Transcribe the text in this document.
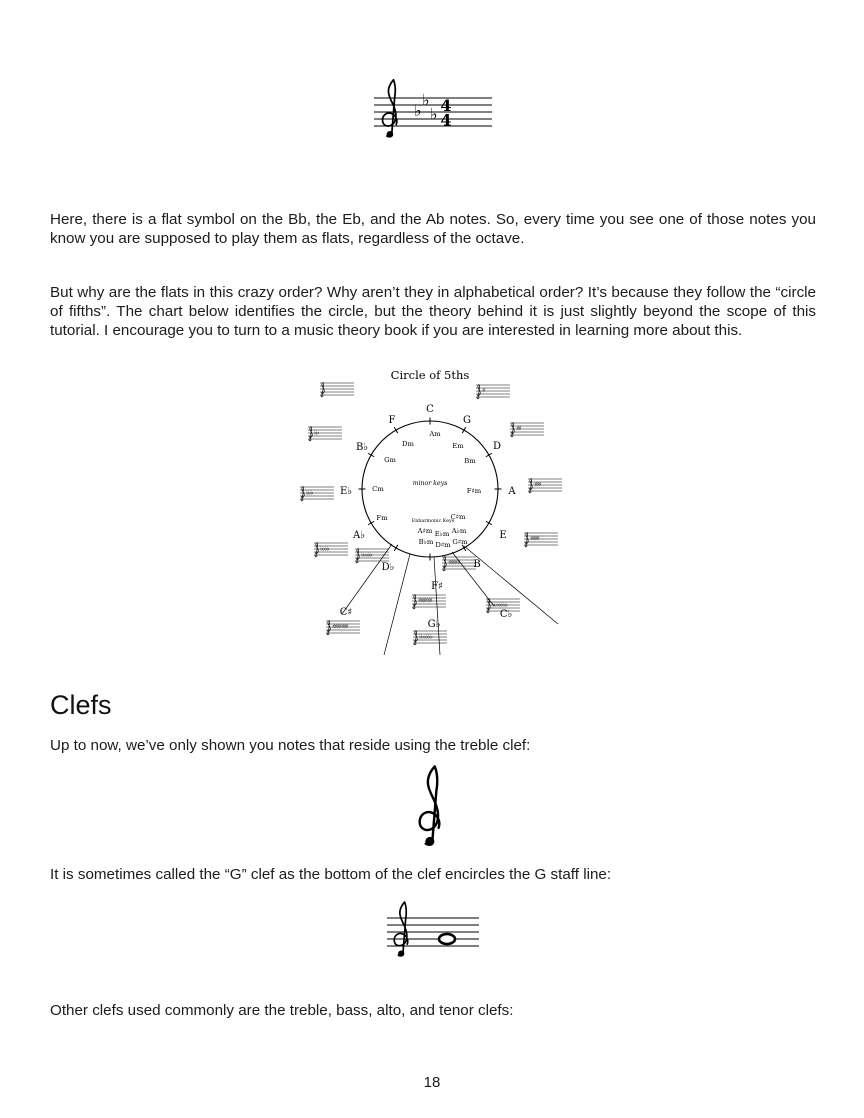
♭
♭
♭ 4
4

Here, there is a flat symbol on the Bb, the Eb, and the Ab notes. So, every time you see one of those notes you know you are supposed to play them as flats, regardless of the octave.

But why are the flats in this crazy order? Why aren’t they in alphabetical order? It’s because they follow the “circle of fifths”. The chart below identifies the circle, but the theory behind it is just slightly beyond the scope of this tutorial. I encourage you to turn to a music theory book if you are interested in learning more about this.

Circle of 5ths
C
G
D
A
E
B
F
B♭
E♭
A♭
D♭
C♯
F♯
G♭
C♭
Am
Em
Bm
F♯m
C♯m
Dm
Gm
Cm
Fm
A♯m E♭m A♭m
B♭m D♯m G♯m
minor keys
Enharmonic Keys
♯
♯♯
♯♯♯
♯♯♯♯
♯♯♯♯♯
♭♭
♭♭♭
♭♭♭♭
♭♭♭♭♭
♯♯♯♯♯♯♯
♯♯♯♯♯♯
♭♭♭♭♭♭
♭♭♭♭♭♭♭
Clefs

Up to now, we’ve only shown you notes that reside using the treble clef:

It is sometimes called the “G” clef as the bottom of the clef encircles the G staff line:

Other clefs used commonly are the treble, bass, alto, and tenor clefs:

18
